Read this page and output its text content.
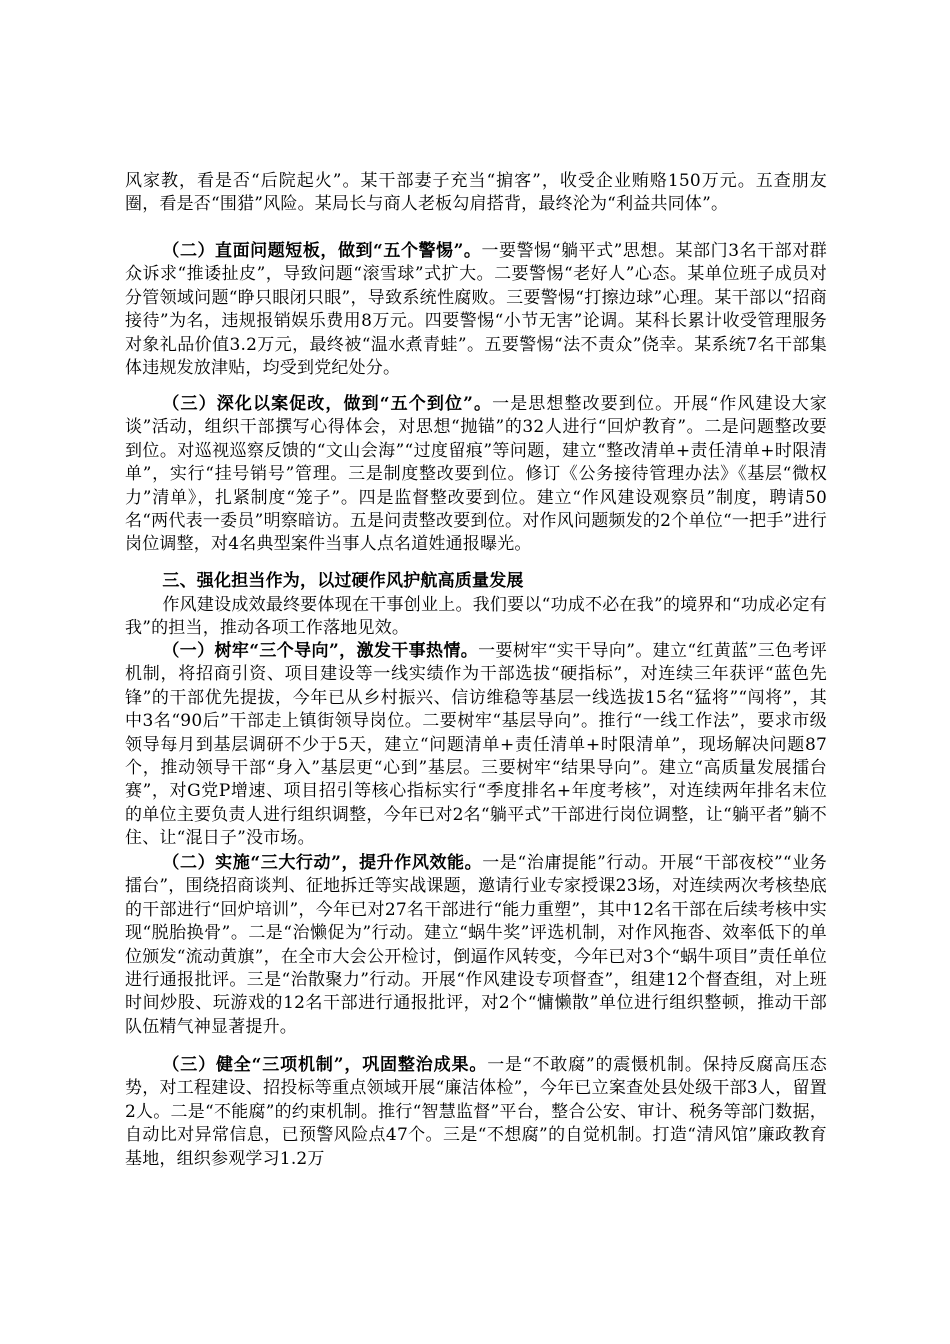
风家教，看是否“后院起火”。某干部妻子充当“掮客”，收受企业贿赂150万元。五查朋友圈，看是否“围猎”风险。某局长与商人老板勾肩搭背，最终沦为“利益共同体”。

（二）直面问题短板，做到“五个警惕”。一要警惕“躺平式”思想。某部门3名干部对群众诉求“推诿扯皮”，导致问题“滚雪球”式扩大。二要警惕“老好人”心态。某单位班子成员对分管领域问题“睁只眼闭只眼”，导致系统性腐败。三要警惕“打擦边球”心理。某干部以“招商接待”为名，违规报销娱乐费用8万元。四要警惕“小节无害”论调。某科长累计收受管理服务对象礼品价值3.2万元，最终被“温水煮青蛙”。五要警惕“法不责众”侥幸。某系统7名干部集体违规发放津贴，均受到党纪处分。

（三）深化以案促改，做到“五个到位”。一是思想整改要到位。开展“作风建设大家谈”活动，组织干部撰写心得体会，对思想“抛锚”的32人进行“回炉教育”。二是问题整改要到位。对巡视巡察反馈的“文山会海”“过度留痕”等问题，建立“整改清单+责任清单+时限清单”，实行“挂号销号”管理。三是制度整改要到位。修订《公务接待管理办法》《基层“微权力”清单》，扎紧制度“笼子”。四是监督整改要到位。建立“作风建设观察员”制度，聘请50名“两代表一委员”明察暗访。五是问责整改要到位。对作风问题频发的2个单位“一把手”进行岗位调整，对4名典型案件当事人点名道姓通报曝光。

三、强化担当作为，以过硬作风护航高质量发展

作风建设成效最终要体现在干事创业上。我们要以“功成不必在我”的境界和“功成必定有我”的担当，推动各项工作落地见效。

（一）树牢“三个导向”，激发干事热情。一要树牢“实干导向”。建立“红黄蓝”三色考评机制，将招商引资、项目建设等一线实绩作为干部选拔“硬指标”，对连续三年获评“蓝色先锋”的干部优先提拔，今年已从乡村振兴、信访维稳等基层一线选拔15名“猛将”“闯将”，其中3名“90后”干部走上镇街领导岗位。二要树牢“基层导向”。推行“一线工作法”，要求市级领导每月到基层调研不少于5天，建立“问题清单+责任清单+时限清单”，现场解决问题87个，推动领导干部“身入”基层更“心到”基层。三要树牢“结果导向”。建立“高质量发展擂台赛”，对G党P增速、项目招引等核心指标实行“季度排名+年度考核”，对连续两年排名末位的单位主要负责人进行组织调整，今年已对2名“躺平式”干部进行岗位调整，让“躺平者”躺不住、让“混日子”没市场。

（二）实施“三大行动”，提升作风效能。一是“治庸提能”行动。开展“干部夜校”“业务擂台”，围绕招商谈判、征地拆迁等实战课题，邀请行业专家授课23场，对连续两次考核垫底的干部进行“回炉培训”，今年已对27名干部进行“能力重塑”，其中12名干部在后续考核中实现“脱胎换骨”。二是“治懒促为”行动。建立“蜗牛奖”评选机制，对作风拖沓、效率低下的单位颁发“流动黄旗”，在全市大会公开检讨，倒逼作风转变，今年已对3个“蜗牛项目”责任单位进行通报批评。三是“治散聚力”行动。开展“作风建设专项督查”，组建12个督查组，对上班时间炒股、玩游戏的12名干部进行通报批评，对2个“慵懒散”单位进行组织整顿，推动干部队伍精气神显著提升。

（三）健全“三项机制”，巩固整治成果。一是“不敢腐”的震慑机制。保持反腐高压态势，对工程建设、招投标等重点领域开展“廉洁体检”，今年已立案查处县处级干部3人，留置2人。二是“不能腐”的约束机制。推行“智慧监督”平台，整合公安、审计、税务等部门数据，自动比对异常信息，已预警风险点47个。三是“不想腐”的自觉机制。打造“清风馆”廉政教育基地，组织参观学习1.2万
